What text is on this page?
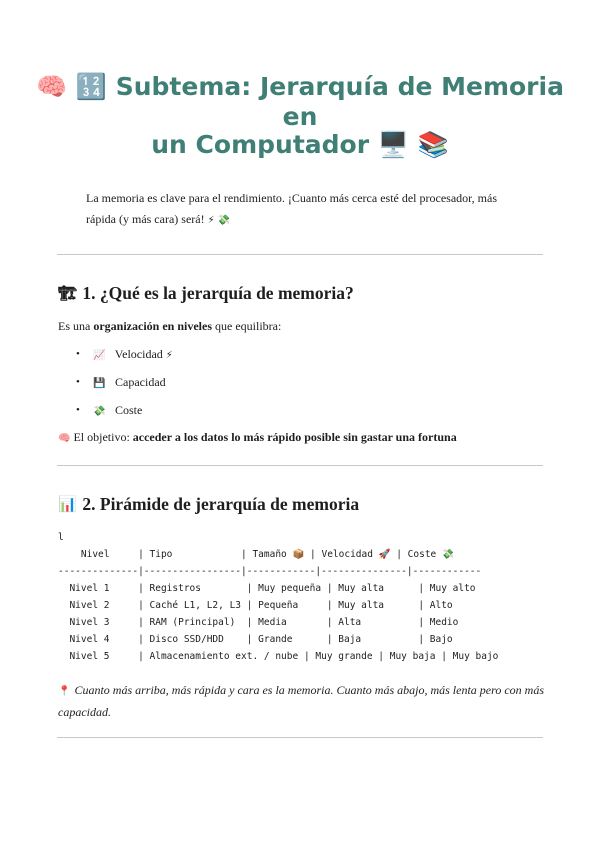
🧠 🔢 Subtema: Jerarquía de Memoria en
un Computador 🖥️ 📚
La memoria es clave para el rendimiento. ¡Cuanto más cerca esté del procesador, más rápida (y más cara) será! ⚡ 💸
🏗 1. ¿Qué es la jerarquía de memoria?
Es una organización en niveles que equilibra:
• 📈 Velocidad ⚡
• 💾 Capacidad
• 💸 Coste
🧠 El objetivo: acceder a los datos lo más rápido posible sin gastar una fortuna
📊 2. Pirámide de jerarquía de memoria
l
Nivel     | Tipo            | Tamaño 📦 | Velocidad 🚀 | Coste 💸
--------------|-----------------|------------|---------------|------------
Nivel 1     | Registros        | Muy pequeña | Muy alta      | Muy alto
Nivel 2     | Caché L1, L2, L3 | Pequeña     | Muy alta      | Alto
Nivel 3     | RAM (Principal)  | Media       | Alta          | Medio
Nivel 4     | Disco SSD/HDD    | Grande      | Baja          | Bajo
Nivel 5     | Almacenamiento ext. / nube | Muy grande | Muy baja | Muy bajo
📍 Cuanto más arriba, más rápida y cara es la memoria. Cuanto más abajo, más lenta pero con más capacidad.
